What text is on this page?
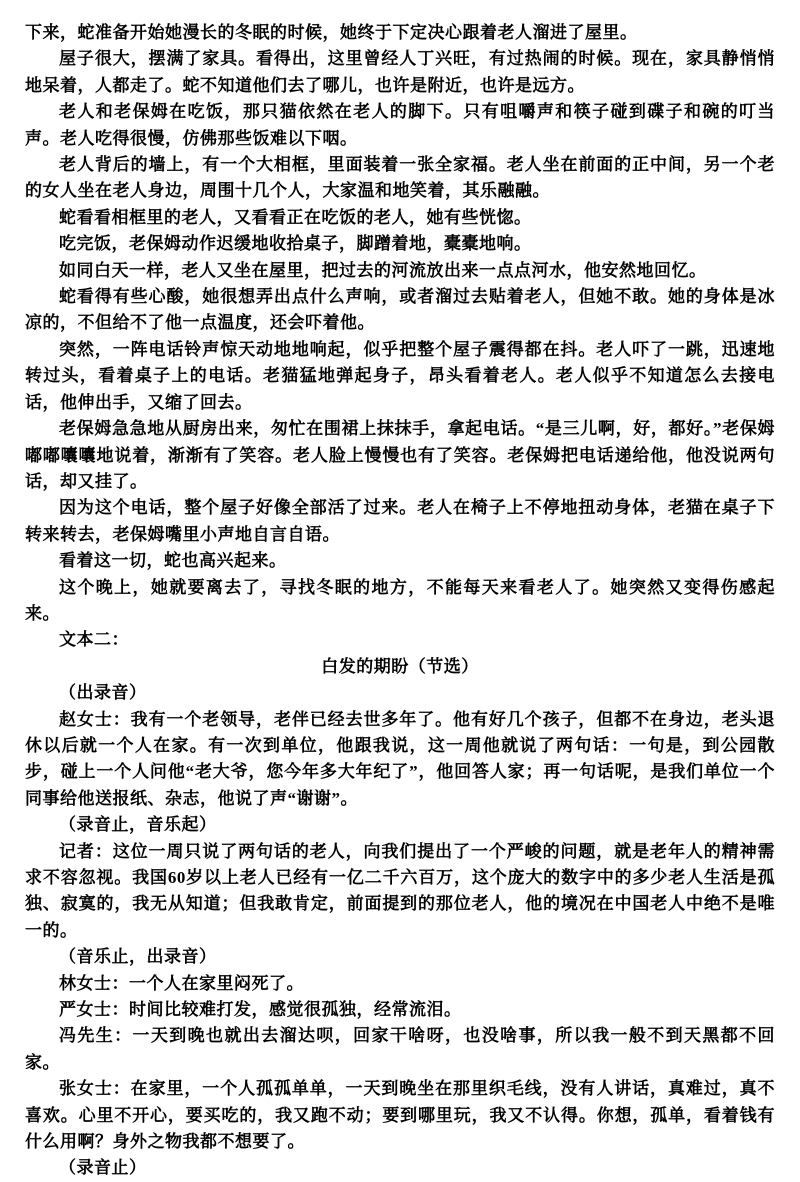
下来，蛇准备开始她漫长的冬眠的时候，她终于下定决心跟着老人溜进了屋里。

屋子很大，摆满了家具。看得出，这里曾经人丁兴旺，有过热闹的时候。现在，家具静悄悄地呆着，人都走了。蛇不知道他们去了哪儿，也许是附近，也许是远方。

老人和老保姆在吃饭，那只猫依然在老人的脚下。只有咀嚼声和筷子碰到碟子和碗的叮当声。老人吃得很慢，仿佛那些饭难以下咽。

老人背后的墙上，有一个大相框，里面装着一张全家福。老人坐在前面的正中间，另一个老的女人坐在老人身边，周围十几个人，大家温和地笑着，其乐融融。

蛇看看相框里的老人，又看看正在吃饭的老人，她有些恍惚。

吃完饭，老保姆动作迟缓地收拾桌子，脚蹭着地，橐橐地响。

如同白天一样，老人又坐在屋里，把过去的河流放出来一点点河水，他安然地回忆。

蛇看得有些心酸，她很想弄出点什么声响，或者溜过去贴着老人，但她不敢。她的身体是冰凉的，不但给不了他一点温度，还会吓着他。

突然，一阵电话铃声惊天动地地响起，似乎把整个屋子震得都在抖。老人吓了一跳，迅速地转过头，看着桌子上的电话。老猫猛地弹起身子，昂头看着老人。老人似乎不知道怎么去接电话，他伸出手，又缩了回去。

老保姆急急地从厨房出来，匆忙在围裙上抹抹手，拿起电话。“是三儿啊，好，都好。”老保姆嘟嘟囔囔地说着，渐渐有了笑容。老人脸上慢慢也有了笑容。老保姆把电话递给他，他没说两句话，却又挂了。

因为这个电话，整个屋子好像全部活了过来。老人在椅子上不停地扭动身体，老猫在桌子下转来转去，老保姆嘴里小声地自言自语。

看着这一切，蛇也高兴起来。

这个晚上，她就要离去了，寻找冬眠的地方，不能每天来看老人了。她突然又变得伤感起来。

文本二：

白发的期盼（节选）

（出录音）

赵女士：我有一个老领导，老伴已经去世多年了。他有好几个孩子，但都不在身边，老头退休以后就一个人在家。有一次到单位，他跟我说，这一周他就说了两句话：一句是，到公园散步，碰上一个人问他“老大爷，您今年多大年纪了”，他回答人家；再一句话呢，是我们单位一个同事给他送报纸、杂志，他说了声“谢谢”。

（录音止，音乐起）

记者：这位一周只说了两句话的老人，向我们提出了一个严峻的问题，就是老年人的精神需求不容忽视。我国60岁以上老人已经有一亿二千六百万，这个庞大的数字中的多少老人生活是孤独、寂寞的，我无从知道；但我敢肯定，前面提到的那位老人，他的境况在中国老人中绝不是唯一的。

（音乐止，出录音）

林女士：一个人在家里闷死了。

严女士：时间比较难打发，感觉很孤独，经常流泪。

冯先生：一天到晚也就出去溜达呗，回家干啥呀，也没啥事，所以我一般不到天黑都不回家。

张女士：在家里，一个人孤孤单单，一天到晚坐在那里织毛线，没有人讲话，真难过，真不喜欢。心里不开心，要买吃的，我又跑不动；要到哪里玩，我又不认得。你想，孤单，看着钱有什么用啊？身外之物我都不想要了。

（录音止）
